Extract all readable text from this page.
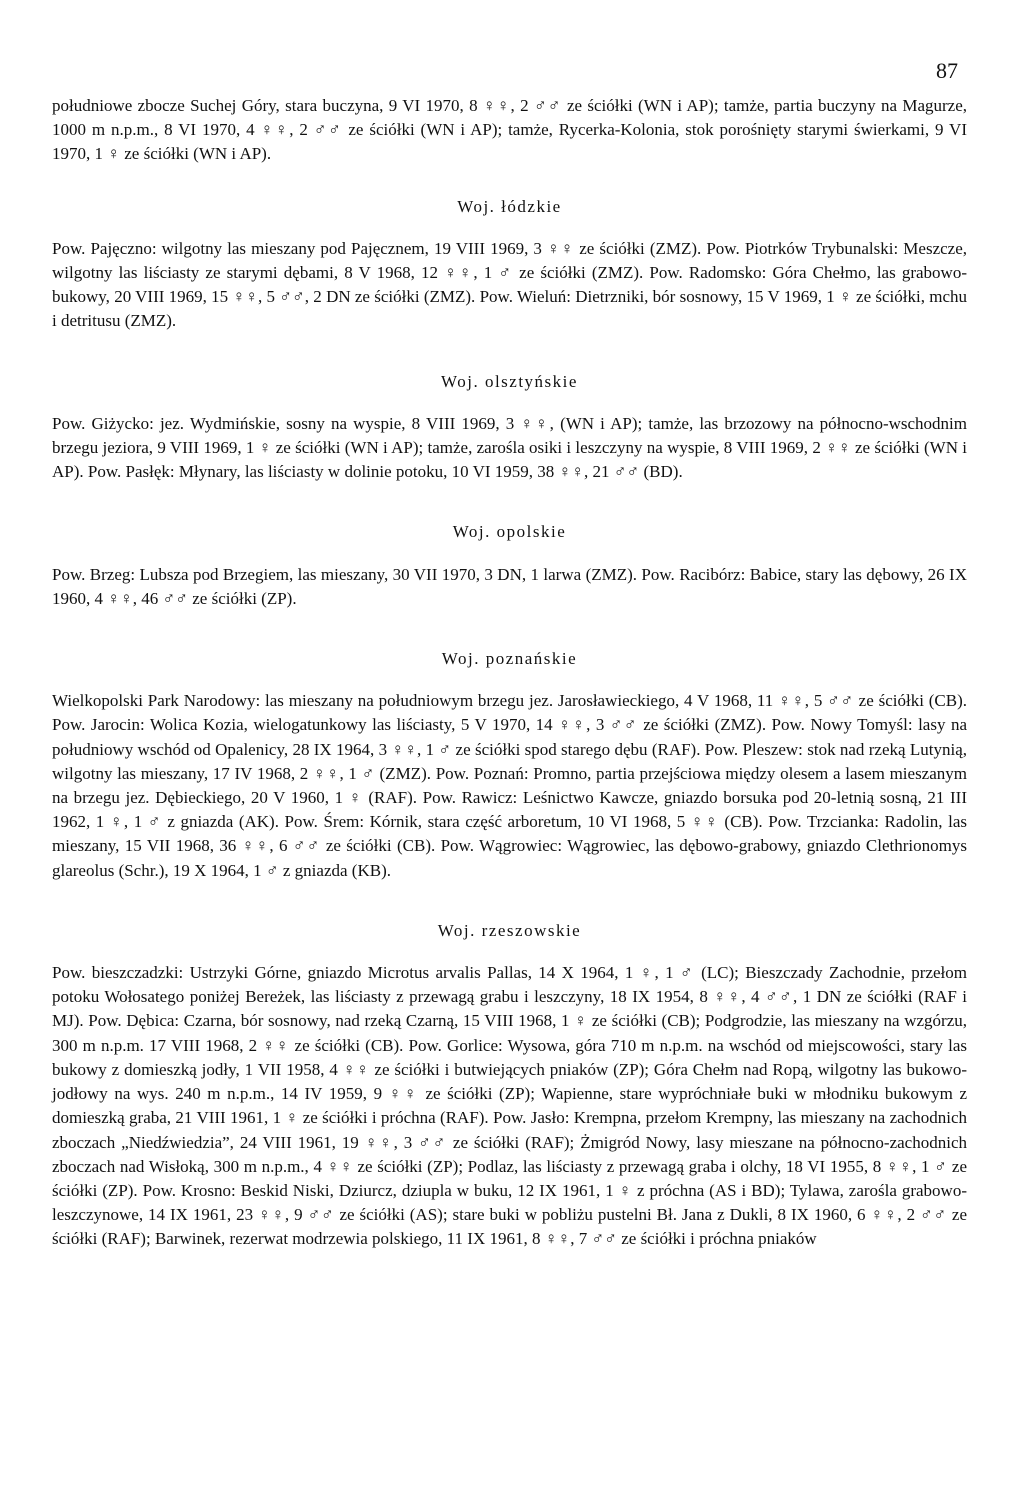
87

południowe zbocze Suchej Góry, stara buczyna, 9 VI 1970, 8 ♀♀, 2 ♂♂ ze ściółki (WN i AP); tamże, partia buczyny na Magurze, 1000 m n.p.m., 8 VI 1970, 4 ♀♀, 2 ♂♂ ze ściółki (WN i AP); tamże, Rycerka-Kolonia, stok porośnięty starymi świerkami, 9 VI 1970, 1 ♀ ze ściółki (WN i AP).

Woj. łódzkie

Pow. Pajęczno: wilgotny las mieszany pod Pajęcznem, 19 VIII 1969, 3 ♀♀ ze ściółki (ZMZ). Pow. Piotrków Trybunalski: Meszcze, wilgotny las liściasty ze starymi dębami, 8 V 1968, 12 ♀♀, 1 ♂ ze ściółki (ZMZ). Pow. Radomsko: Góra Chełmo, las grabowo-bukowy, 20 VIII 1969, 15 ♀♀, 5 ♂♂, 2 DN ze ściółki (ZMZ). Pow. Wieluń: Dietrzniki, bór sosnowy, 15 V 1969, 1 ♀ ze ściółki, mchu i detritusu (ZMZ).

Woj. olsztyńskie

Pow. Giżycko: jez. Wydmińskie, sosny na wyspie, 8 VIII 1969, 3 ♀♀, (WN i AP); tamże, las brzozowy na północno-wschodnim brzegu jeziora, 9 VIII 1969, 1 ♀ ze ściółki (WN i AP); tamże, zarośla osiki i leszczyny na wyspie, 8 VIII 1969, 2 ♀♀ ze ściółki (WN i AP). Pow. Pasłęk: Młynary, las liściasty w dolinie potoku, 10 VI 1959, 38 ♀♀, 21 ♂♂ (BD).

Woj. opolskie

Pow. Brzeg: Lubsza pod Brzegiem, las mieszany, 30 VII 1970, 3 DN, 1 larwa (ZMZ). Pow. Racibórz: Babice, stary las dębowy, 26 IX 1960, 4 ♀♀, 46 ♂♂ ze ściółki (ZP).

Woj. poznańskie

Wielkopolski Park Narodowy: las mieszany na południowym brzegu jez. Jarosławieckiego, 4 V 1968, 11 ♀♀, 5 ♂♂ ze ściółki (CB). Pow. Jarocin: Wolica Kozia, wielogatunkowy las liściasty, 5 V 1970, 14 ♀♀, 3 ♂♂ ze ściółki (ZMZ). Pow. Nowy Tomyśl: lasy na południowy wschód od Opalenicy, 28 IX 1964, 3 ♀♀, 1 ♂ ze ściółki spod starego dębu (RAF). Pow. Pleszew: stok nad rzeką Lutynią, wilgotny las mieszany, 17 IV 1968, 2 ♀♀, 1 ♂ (ZMZ). Pow. Poznań: Promno, partia przejściowa między olesem a lasem mieszanym na brzegu jez. Dębieckiego, 20 V 1960, 1 ♀ (RAF). Pow. Rawicz: Leśnictwo Kawcze, gniazdo borsuka pod 20-letnią sosną, 21 III 1962, 1 ♀, 1 ♂ z gniazda (AK). Pow. Śrem: Kórnik, stara część arboretum, 10 VI 1968, 5 ♀♀ (CB). Pow. Trzcianka: Radolin, las mieszany, 15 VII 1968, 36 ♀♀, 6 ♂♂ ze ściółki (CB). Pow. Wągrowiec: Wągrowiec, las dębowo-grabowy, gniazdo Clethrionomys glareolus (Schr.), 19 X 1964, 1 ♂ z gniazda (KB).

Woj. rzeszowskie

Pow. bieszczadzki: Ustrzyki Górne, gniazdo Microtus arvalis Pallas, 14 X 1964, 1 ♀, 1 ♂ (LC); Bieszczady Zachodnie, przełom potoku Wołosatego poniżej Bereżek, las liściasty z przewagą grabu i leszczyny, 18 IX 1954, 8 ♀♀, 4 ♂♂, 1 DN ze ściółki (RAF i MJ). Pow. Dębica: Czarna, bór sosnowy, nad rzeką Czarną, 15 VIII 1968, 1 ♀ ze ściółki (CB); Podgrodzie, las mieszany na wzgórzu, 300 m n.p.m. 17 VIII 1968, 2 ♀♀ ze ściółki (CB). Pow. Gorlice: Wysowa, góra 710 m n.p.m. na wschód od miejscowości, stary las bukowy z domieszką jodły, 1 VII 1958, 4 ♀♀ ze ściółki i butwiejących pniaków (ZP); Góra Chełm nad Ropą, wilgotny las bukowo-jodłowy na wys. 240 m n.p.m., 14 IV 1959, 9 ♀♀ ze ściółki (ZP); Wapienne, stare wypróchniałe buki w młodniku bukowym z domieszką graba, 21 VIII 1961, 1 ♀ ze ściółki i próchna (RAF). Pow. Jasło: Krempna, przełom Krempny, las mieszany na zachodnich zboczach „Niedźwiedzia”, 24 VIII 1961, 19 ♀♀, 3 ♂♂ ze ściółki (RAF); Żmigród Nowy, lasy mieszane na północno-zachodnich zboczach nad Wisłoką, 300 m n.p.m., 4 ♀♀ ze ściółki (ZP); Podlaz, las liściasty z przewagą graba i olchy, 18 VI 1955, 8 ♀♀, 1 ♂ ze ściółki (ZP). Pow. Krosno: Beskid Niski, Dziurcz, dziupla w buku, 12 IX 1961, 1 ♀ z próchna (AS i BD); Tylawa, zarośla grabowo-leszczynowe, 14 IX 1961, 23 ♀♀, 9 ♂♂ ze ściółki (AS); stare buki w pobliżu pustelni Bł. Jana z Dukli, 8 IX 1960, 6 ♀♀, 2 ♂♂ ze ściółki (RAF); Barwinek, rezerwat modrzewia polskiego, 11 IX 1961, 8 ♀♀, 7 ♂♂ ze ściółki i próchna pniaków
